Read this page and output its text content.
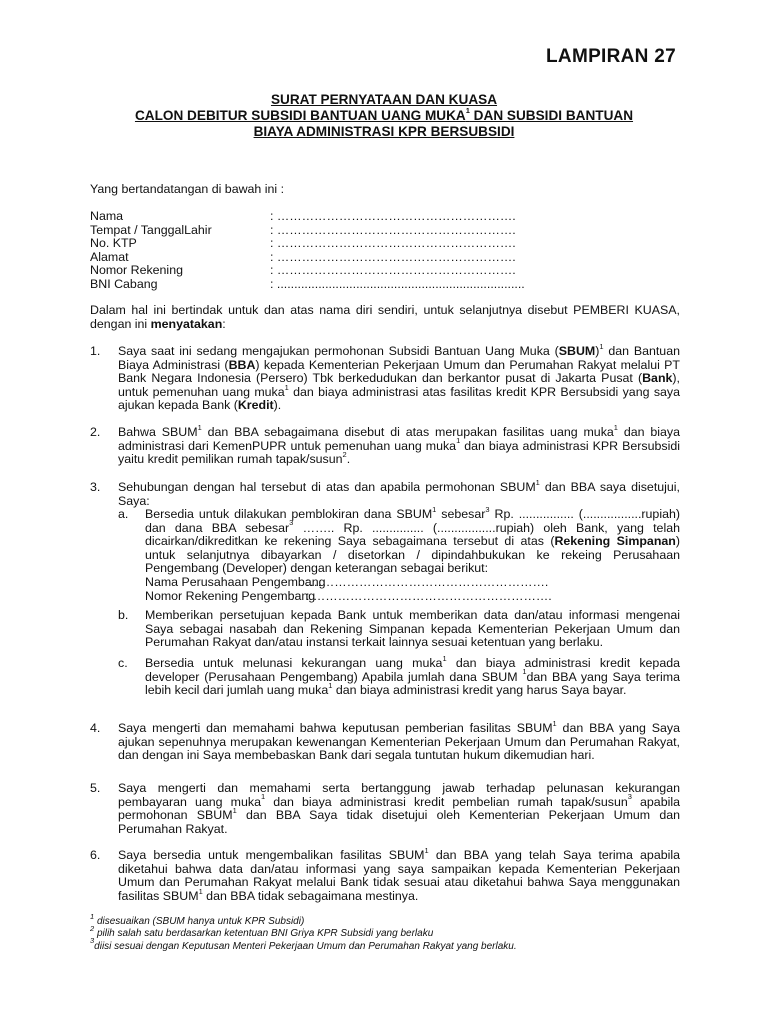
LAMPIRAN 27
SURAT PERNYATAAN DAN KUASA
CALON DEBITUR SUBSIDI BANTUAN UANG MUKA$^1$ DAN SUBSIDI BANTUAN
BIAYA ADMINISTRASI KPR BERSUBSIDI
Yang bertandatangan di bawah ini :
Nama	: ………………………………………………….
Tempat / TanggalLahir	: ………………………………………………….
No. KTP	: ………………………………………………….
Alamat	: ………………………………………………….
Nomor Rekening	: ………………………………………………….
BNI Cabang	: ........................................................................
Dalam hal ini bertindak untuk dan atas nama diri sendiri, untuk selanjutnya disebut PEMBERI KUASA, dengan ini menyatakan:
1. Saya saat ini sedang mengajukan permohonan Subsidi Bantuan Uang Muka (SBUM)$^1$ dan Bantuan Biaya Administrasi (BBA) kepada Kementerian Pekerjaan Umum dan Perumahan Rakyat melalui PT Bank Negara Indonesia (Persero) Tbk berkedudukan dan berkantor pusat di Jakarta Pusat (Bank), untuk pemenuhan uang muka$^1$ dan biaya administrasi atas fasilitas kredit KPR Bersubsidi yang saya ajukan kepada Bank (Kredit).
2. Bahwa SBUM$^1$ dan BBA sebagaimana disebut di atas merupakan fasilitas uang muka$^1$ dan biaya administrasi dari KemenPUPR untuk pemenuhan uang muka$^1$ dan biaya administrasi KPR Bersubsidi yaitu kredit pemilikan rumah tapak/susun$^2$.
3. Sehubungan dengan hal tersebut di atas dan apabila permohonan SBUM$^1$ dan BBA saya disetujui, Saya:
a. Bersedia untuk dilakukan pemblokiran dana SBUM$^1$ sebesar$^3$ Rp. ................ (.................rupiah) dan dana BBA sebesar$^3$ …….. Rp. ............... (.................rupiah) oleh Bank, yang telah dicairkan/dikreditkan ke rekening Saya sebagaimana tersebut di atas (Rekening Simpanan) untuk selanjutnya dibayarkan / disetorkan / dipindahbukukan ke rekeing Perusahaan Pengembang (Developer) dengan keterangan sebagai berikut:
Nama Perusahaan Pengembang
:………………………………………………….
Nomor Rekening Pengembang
: ………………………………………………….
b. Memberikan persetujuan kepada Bank untuk memberikan data dan/atau informasi mengenai Saya sebagai nasabah dan Rekening Simpanan kepada Kementerian Pekerjaan Umum dan Perumahan Rakyat dan/atau instansi terkait lainnya sesuai ketentuan yang berlaku.
c. Bersedia untuk melunasi kekurangan uang muka$^1$ dan biaya administrasi kredit kepada developer (Perusahaan Pengembang) Apabila jumlah dana SBUM $^1$dan BBA yang Saya terima lebih kecil dari jumlah uang muka$^1$ dan biaya administrasi kredit yang harus Saya bayar.
4. Saya mengerti dan memahami bahwa keputusan pemberian fasilitas SBUM$^1$ dan BBA yang Saya ajukan sepenuhnya merupakan kewenangan Kementerian Pekerjaan Umum dan Perumahan Rakyat, dan dengan ini Saya membebaskan Bank dari segala tuntutan hukum dikemudian hari.
5. Saya mengerti dan memahami serta bertanggung jawab terhadap pelunasan kekurangan pembayaran uang muka$^1$ dan biaya administrasi kredit pembelian rumah tapak/susun$^3$ apabila permohonan SBUM$^1$ dan BBA Saya tidak disetujui oleh Kementerian Pekerjaan Umum dan Perumahan Rakyat.
6. Saya bersedia untuk mengembalikan fasilitas SBUM$^1$ dan BBA yang telah Saya terima apabila diketahui bahwa data dan/atau informasi yang saya sampaikan kepada Kementerian Pekerjaan Umum dan Perumahan Rakyat melalui Bank tidak sesuai atau diketahui bahwa Saya menggunakan fasilitas SBUM$^1$ dan BBA tidak sebagaimana mestinya.
$^1$ disesuaikan (SBUM hanya untuk KPR Subsidi)
$^2$ pilih salah satu berdasarkan ketentuan BNI Griya KPR Subsidi yang berlaku
$^3$diisi sesuai dengan Keputusan Menteri Pekerjaan Umum dan Perumahan Rakyat yang berlaku.
